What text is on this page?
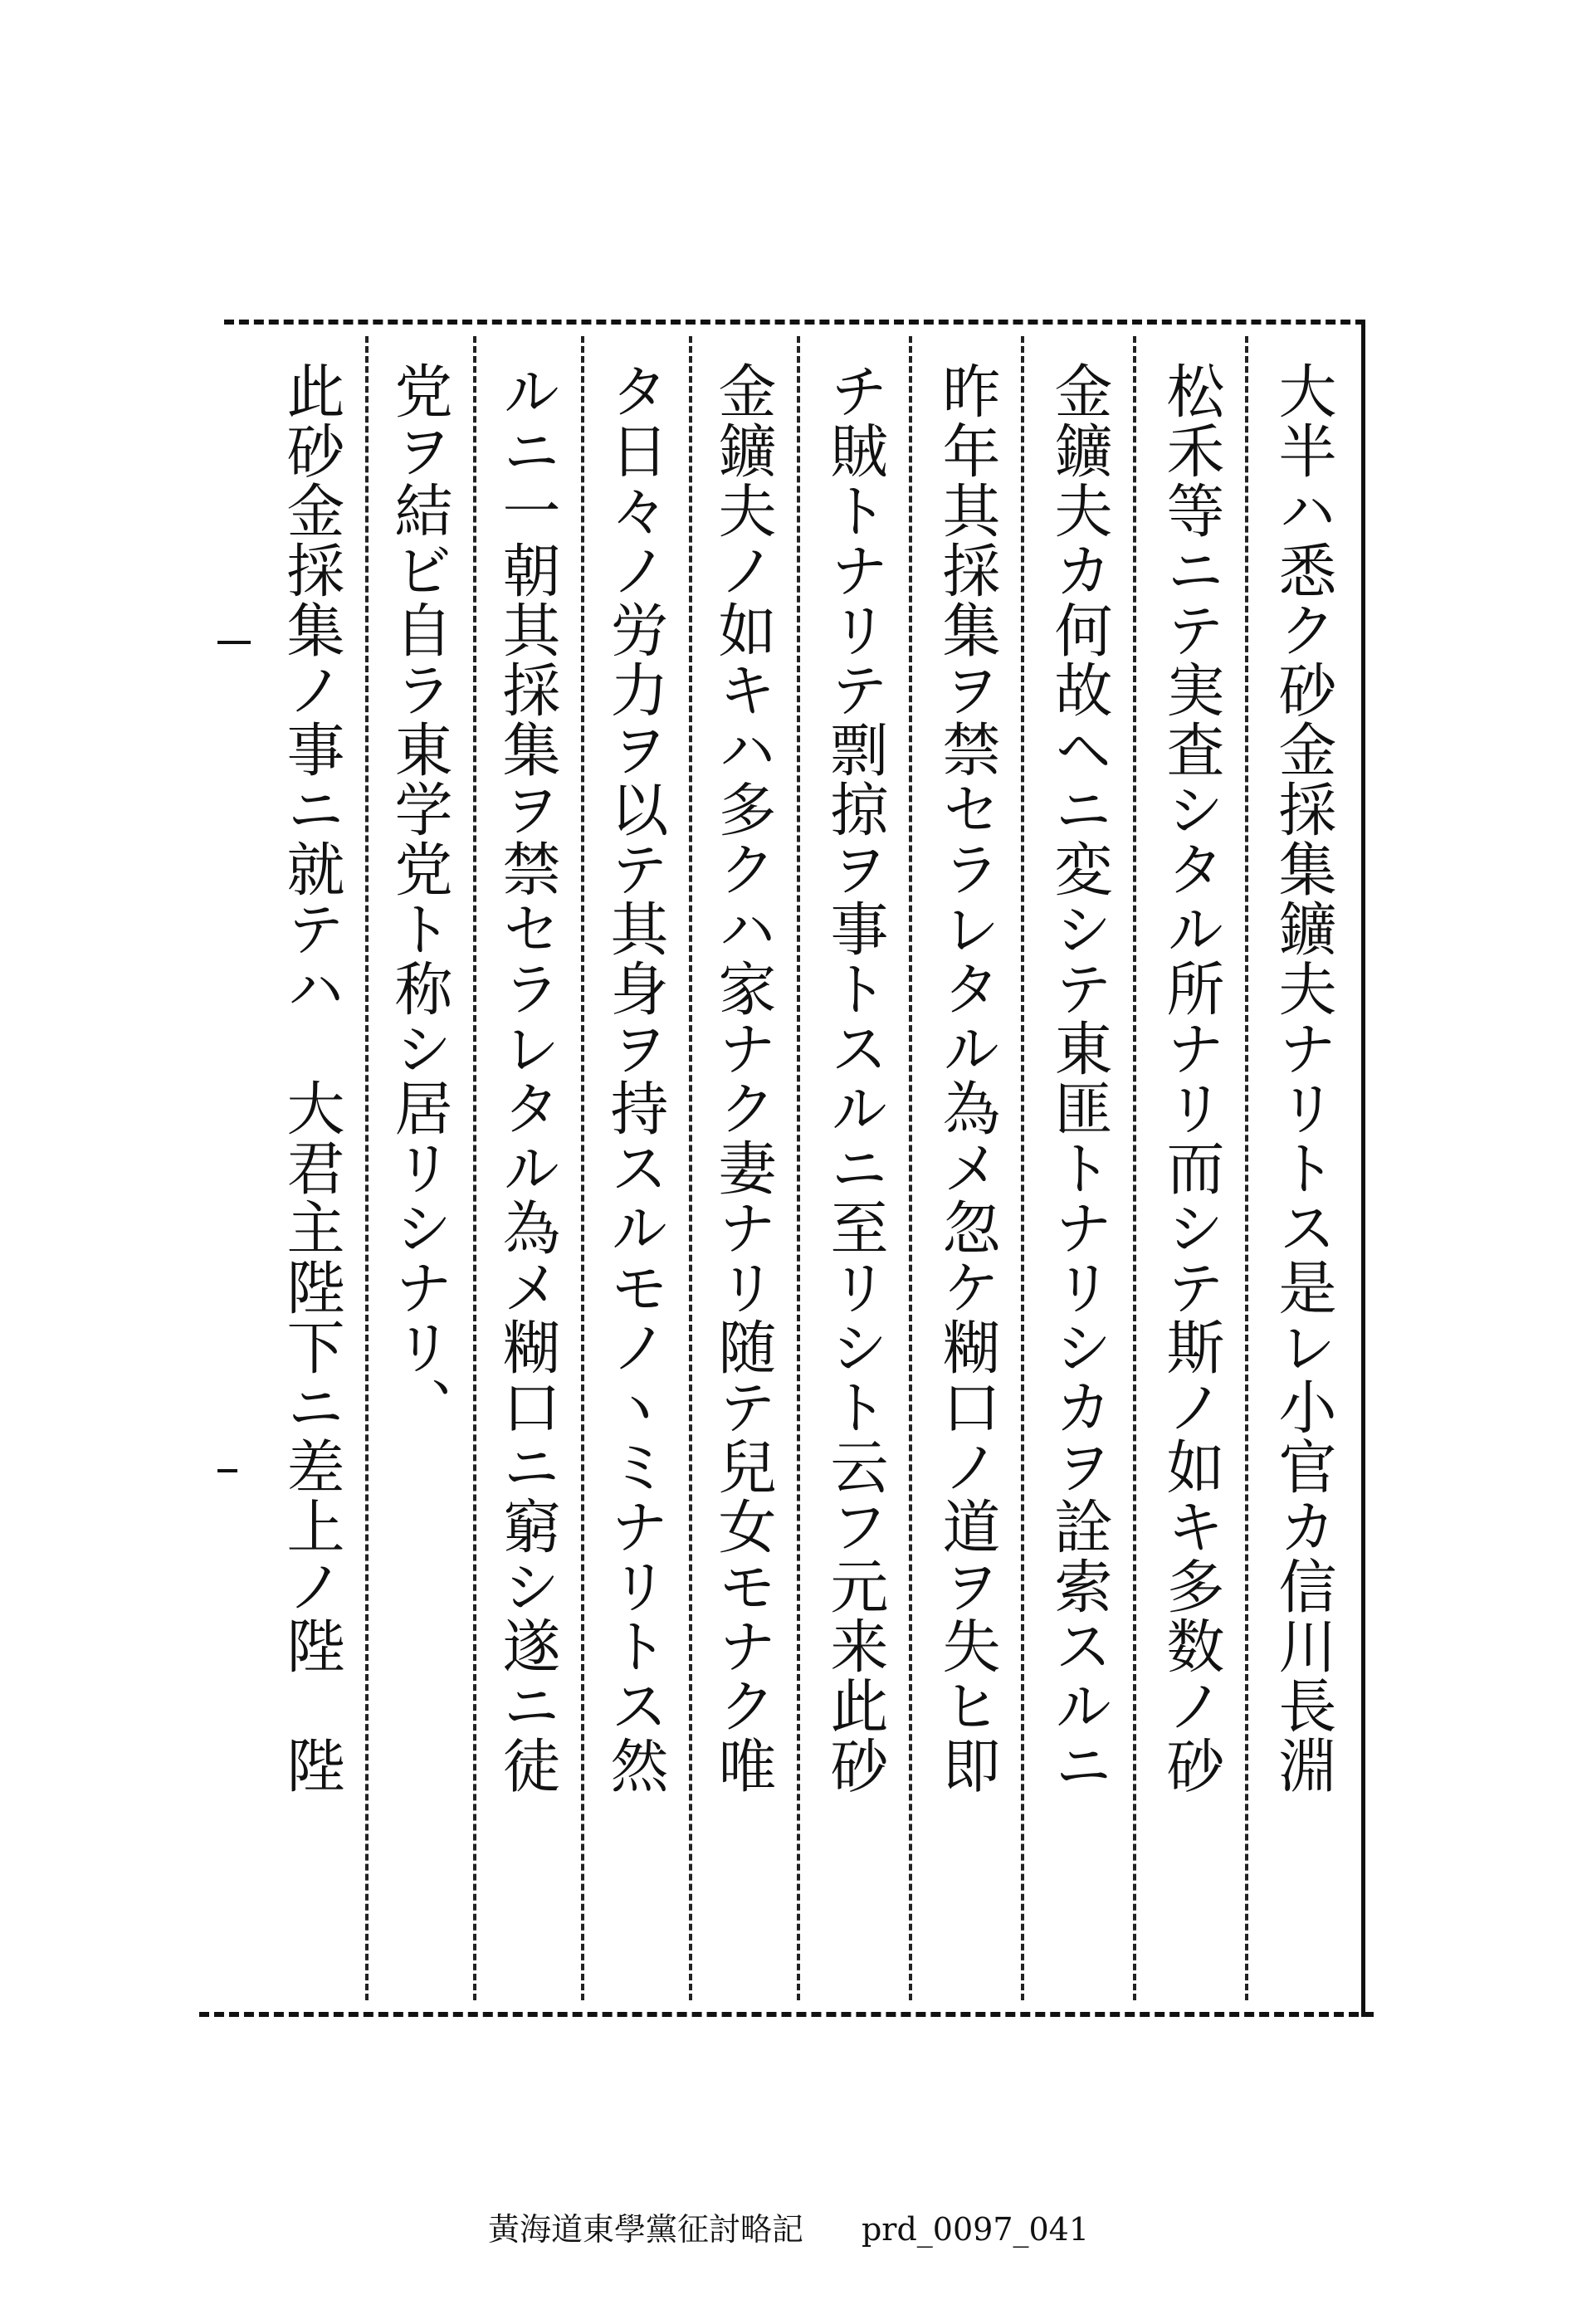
大半ハ悉ク砂金採集鑛夫ナリトス是レ小官カ信川長淵
松禾等ニテ実査シタル所ナリ而シテ斯ノ如キ多数ノ砂
金鑛夫カ何故ヘニ変シテ東匪トナリシカヲ詮索スルニ
昨年其採集ヲ禁セラレタル為メ忽ケ糊口ノ道ヲ失ヒ即
チ賊トナリテ剽掠ヲ事トスルニ至リシト云フ元来此砂
金鑛夫ノ如キハ多クハ家ナク妻ナリ随テ兒女モナク唯
タ日々ノ労力ヲ以テ其身ヲ持スルモノヽミナリトス然
ルニ一朝其採集ヲ禁セラレタル為メ糊口ニ窮シ遂ニ徒
党ヲ結ビ自ラ東学党ト称シ居リシナリ、
此砂金採集ノ事ニ就テハ　大君主陛下ニ差上ノ陛　陛
黃海道東學黨征討略記 prd_0097_041
